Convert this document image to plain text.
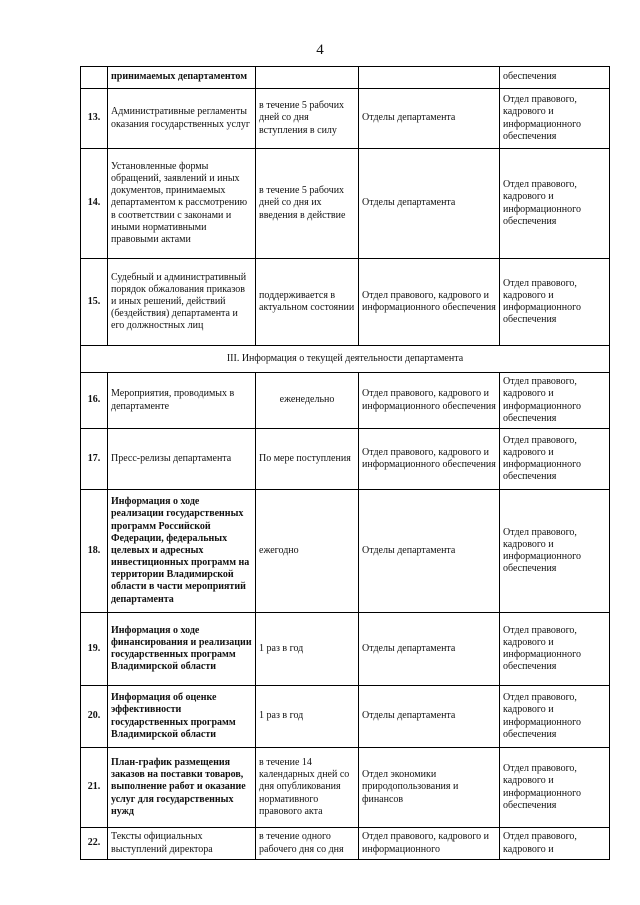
4
	принимаемых департаментом			обеспечения
13.	Административные регламенты оказания государственных услуг	в течение 5 рабочих дней со дня вступления в силу	Отделы департамента	Отдел правового, кадрового и информационного обеспечения
14.	Установленные формы обращений, заявлений и иных документов, принимаемых департаментом к рассмотрению в соответствии с законами и иными нормативными правовыми актами	в течение 5 рабочих дней со дня их введения в действие	Отделы департамента	Отдел правового, кадрового и информационного обеспечения
15.	Судебный и административный порядок обжалования приказов и иных решений, действий (бездействия) департамента и его должностных лиц	поддерживается в актуальном состоянии	Отдел правового, кадрового и информационного обеспечения	Отдел правового, кадрового и информационного обеспечения
III. Информация о текущей деятельности департамента				
16.	Мероприятия, проводимых в департаменте	еженедельно	Отдел правового, кадрового и информационного обеспечения	Отдел правового, кадрового и информационного обеспечения
17.	Пресс-релизы департамента	По мере поступления	Отдел правового, кадрового и информационного обеспечения	Отдел правового, кадрового и информационного обеспечения
18.	Информация о ходе реализации государственных программ Российской Федерации, федеральных целевых и адресных инвестиционных программ на территории Владимирской области в части мероприятий департамента	ежегодно	Отделы департамента	Отдел правового, кадрового и информационного обеспечения
19.	Информация о ходе финансирования и реализации государственных программ Владимирской области	1 раз в год	Отделы департамента	Отдел правового, кадрового и информационного обеспечения
20.	Информация об оценке эффективности государственных программ Владимирской области	1 раз в год	Отделы департамента	Отдел правового, кадрового и информационного обеспечения
21.	План-график размещения заказов на поставки товаров, выполнение работ и оказание услуг для государственных нужд	в течение 14 календарных дней со дня опубликования нормативного правового акта	Отдел экономики природопользования и финансов	Отдел правового, кадрового и информационного обеспечения
22.	Тексты официальных выступлений директора	в течение одного рабочего дня со дня	Отдел правового, кадрового и информационного	Отдел правового, кадрового и
